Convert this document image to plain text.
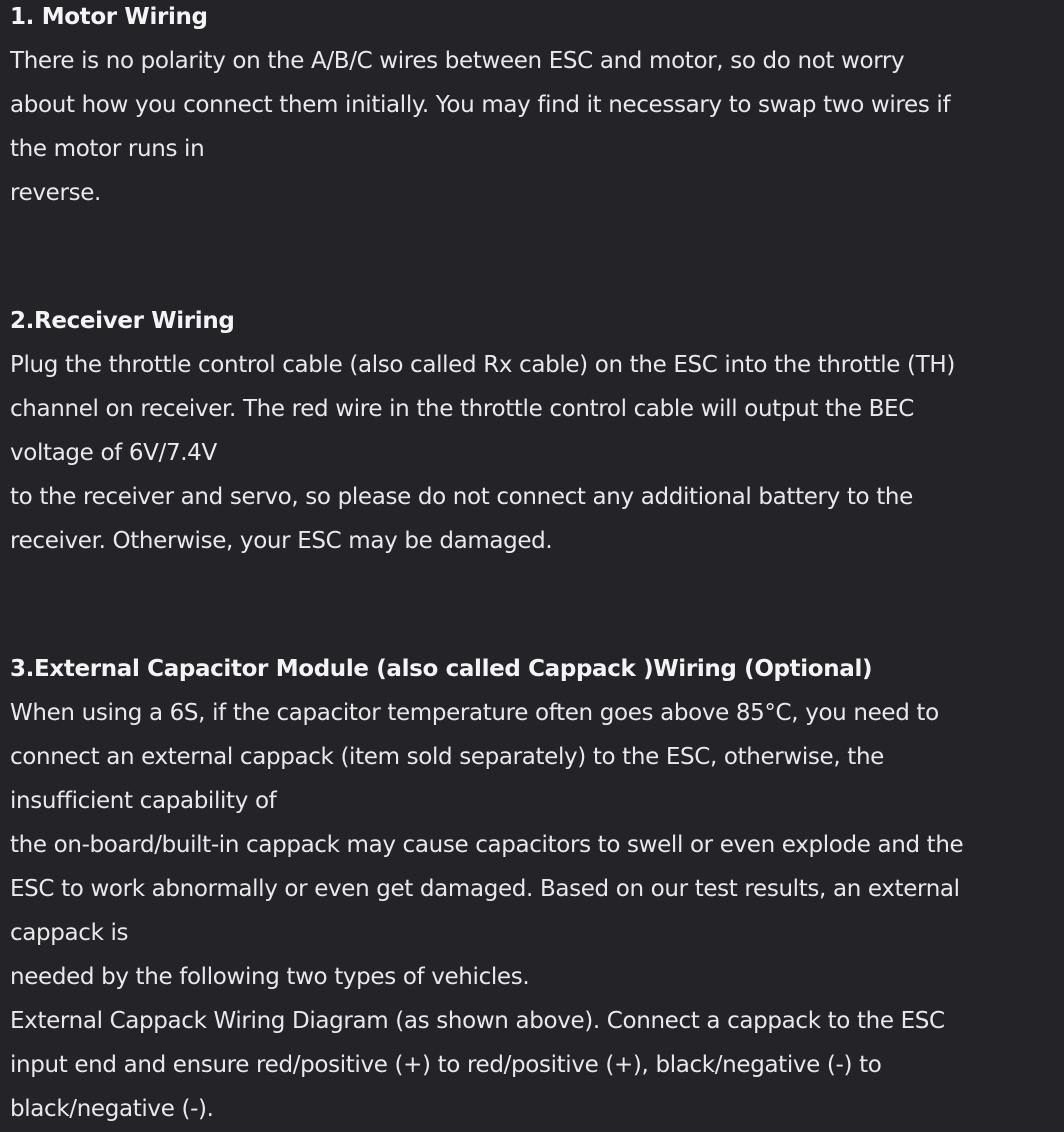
1. Motor Wiring
There is no polarity on the A/B/C wires between ESC and motor, so do not worry
about how you connect them initially. You may find it necessary to swap two wires if
the motor runs in
reverse.
2.Receiver Wiring
Plug the throttle control cable (also called Rx cable) on the ESC into the throttle (TH)
channel on receiver. The red wire in the throttle control cable will output the BEC
voltage of 6V/7.4V
to the receiver and servo, so please do not connect any additional battery to the
receiver. Otherwise, your ESC may be damaged.
3.External Capacitor Module (also called Cappack )Wiring (Optional)
When using a 6S, if the capacitor temperature often goes above 85°C, you need to
connect an external cappack (item sold separately) to the ESC, otherwise, the
insufficient capability of
the on-board/built-in cappack may cause capacitors to swell or even explode and the
ESC to work abnormally or even get damaged. Based on our test results, an external
cappack is
needed by the following two types of vehicles.
External Cappack Wiring Diagram (as shown above). Connect a cappack to the ESC
input end and ensure red/positive (+) to red/positive (+), black/negative (-) to
black/negative (-).
